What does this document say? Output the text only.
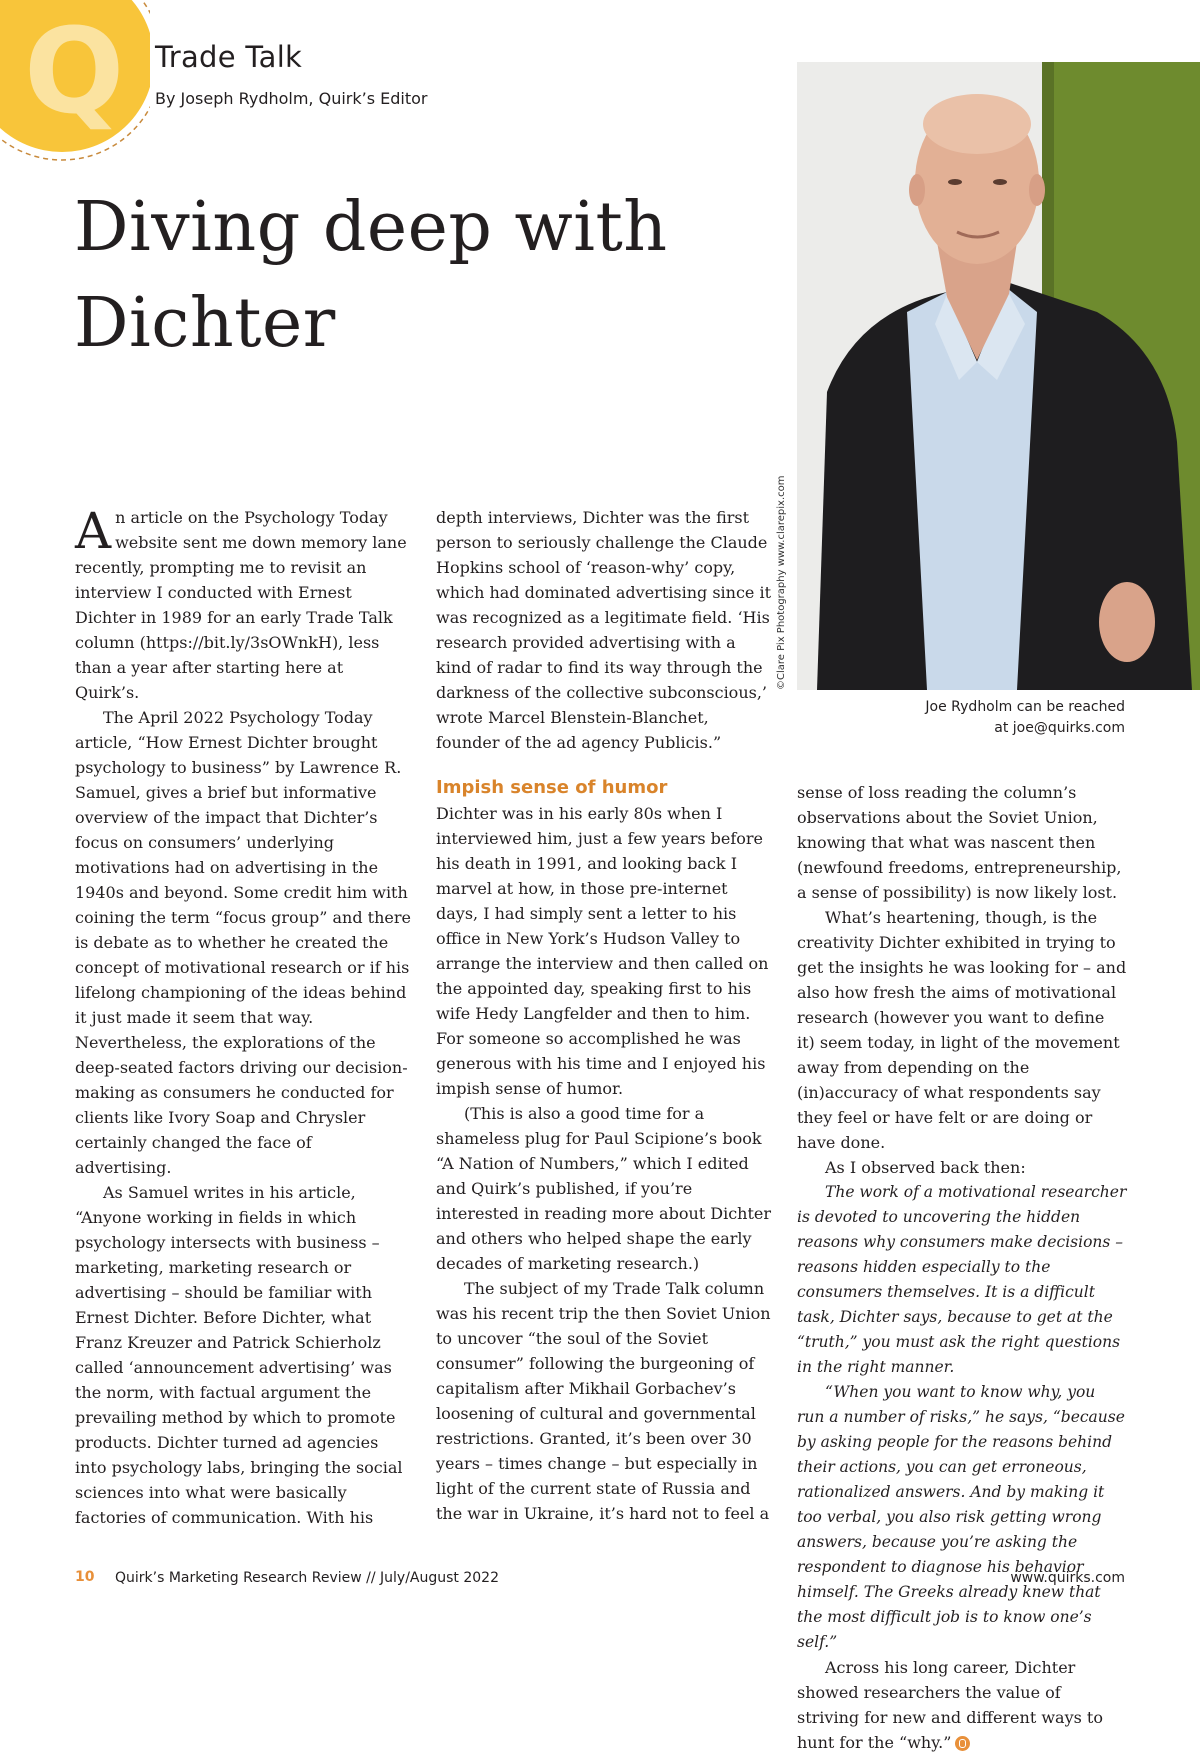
Q Trade Talk
By Joseph Rydholm, Quirk’s Editor
Diving deep with
Dichter
©Clare Pix Photography www.clarepix.com
Joe Rydholm can be reached
at joe@quirks.com

An article on the Psychology Today website sent me down memory lane recently, prompting me to revisit an interview I conducted with Ernest Dichter in 1989 for an early Trade Talk column (https://bit.ly/3sOWnkH), less than a year after starting here at Quirk’s.

The April 2022 Psychology Today article, “How Ernest Dichter brought psychology to business” by Lawrence R. Samuel, gives a brief but informative overview of the impact that Dichter’s focus on consumers’ underlying motivations had on advertising in the 1940s and beyond. Some credit him with coining the term “focus group” and there is debate as to whether he created the concept of motivational research or if his lifelong championing of the ideas behind it just made it seem that way. Nevertheless, the explorations of the deep-seated factors driving our decision-making as consumers he conducted for clients like Ivory Soap and Chrysler certainly changed the face of advertising.

As Samuel writes in his article, “Anyone working in fields in which psychology intersects with business – marketing, marketing research or advertising – should be familiar with Ernest Dichter. Before Dichter, what Franz Kreuzer and Patrick Schierholz called ‘announcement advertising’ was the norm, with factual argument the prevailing method by which to promote products. Dichter turned ad agencies into psychology labs, bringing the social sciences into what were basically factories of communication. With his

depth interviews, Dichter was the first person to seriously challenge the Claude Hopkins school of ‘reason-why’ copy, which had dominated advertising since it was recognized as a legitimate field. ‘His research provided advertising with a kind of radar to find its way through the darkness of the collective subconscious,’ wrote Marcel Blenstein-Blanchet, founder of the ad agency Publicis.”

Impish sense of humor

Dichter was in his early 80s when I interviewed him, just a few years before his death in 1991, and looking back I marvel at how, in those pre-internet days, I had simply sent a letter to his office in New York’s Hudson Valley to arrange the interview and then called on the appointed day, speaking first to his wife Hedy Langfelder and then to him. For someone so accomplished he was generous with his time and I enjoyed his impish sense of humor.

(This is also a good time for a shameless plug for Paul Scipione’s book “A Nation of Numbers,” which I edited and Quirk’s published, if you’re interested in reading more about Dichter and others who helped shape the early decades of marketing research.)

The subject of my Trade Talk column was his recent trip the then Soviet Union to uncover “the soul of the Soviet consumer” following the burgeoning of capitalism after Mikhail Gorbachev’s loosening of cultural and governmental restrictions. Granted, it’s been over 30 years – times change – but especially in light of the current state of Russia and the war in Ukraine, it’s hard not to feel a

sense of loss reading the column’s observations about the Soviet Union, knowing that what was nascent then (newfound freedoms, entrepreneurship, a sense of possibility) is now likely lost.

What’s heartening, though, is the creativity Dichter exhibited in trying to get the insights he was looking for – and also how fresh the aims of motivational research (however you want to define it) seem today, in light of the movement away from depending on the (in)accuracy of what respondents say they feel or have felt or are doing or have done.

As I observed back then:

The work of a motivational researcher is devoted to uncovering the hidden reasons why consumers make decisions – reasons hidden especially to the consumers themselves. It is a difficult task, Dichter says, because to get at the “truth,” you must ask the right questions in the right manner.

“When you want to know why, you run a number of risks,” he says, “because by asking people for the reasons behind their actions, you can get erroneous, rationalized answers. And by making it too verbal, you also risk getting wrong answers, because you’re asking the respondent to diagnose his behavior himself. The Greeks already knew that the most difficult job is to know one’s self.”

Across his long career, Dichter showed researchers the value of striving for new and different ways to hunt for the “why.”

10 Quirk’s Marketing Research Review // July/August 2022	www.quirks.com
